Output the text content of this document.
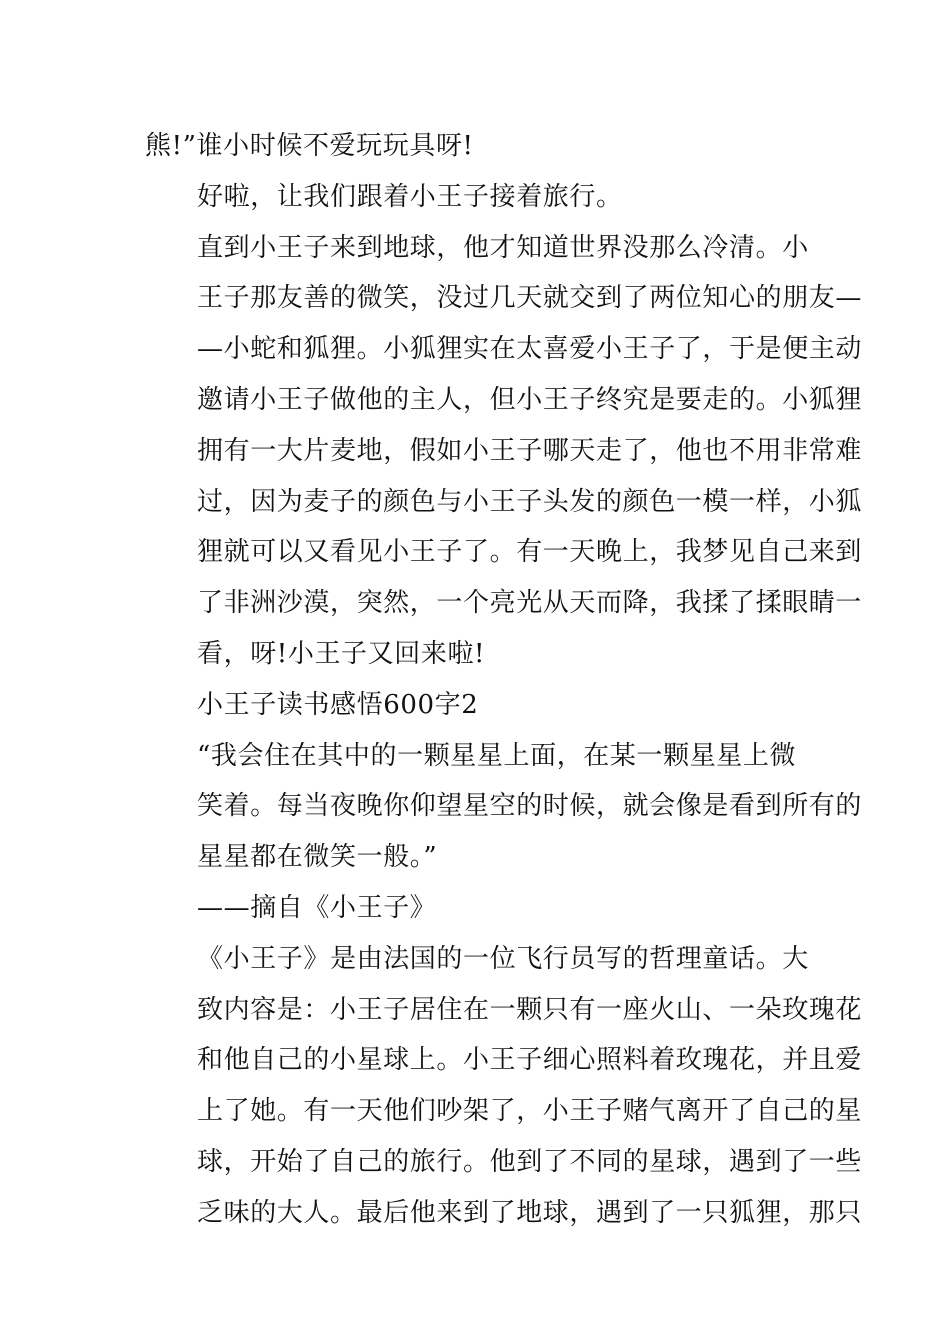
熊!”谁小时候不爱玩玩具呀!

好啦，让我们跟着小王子接着旅行。

直到小王子来到地球，他才知道世界没那么冷清。小
王子那友善的微笑，没过几天就交到了两位知心的朋友—
—小蛇和狐狸。小狐狸实在太喜爱小王子了，于是便主动
邀请小王子做他的主人，但小王子终究是要走的。小狐狸
拥有一大片麦地，假如小王子哪天走了，他也不用非常难
过，因为麦子的颜色与小王子头发的颜色一模一样，小狐
狸就可以又看见小王子了。有一天晚上，我梦见自己来到
了非洲沙漠，突然，一个亮光从天而降，我揉了揉眼睛一
看，呀!小王子又回来啦!

小王子读书感悟600字2

“我会住在其中的一颗星星上面，在某一颗星星上微
笑着。每当夜晚你仰望星空的时候，就会像是看到所有的
星星都在微笑一般。”

——摘自《小王子》

《小王子》是由法国的一位飞行员写的哲理童话。大
致内容是：小王子居住在一颗只有一座火山、一朵玫瑰花
和他自己的小星球上。小王子细心照料着玫瑰花，并且爱
上了她。有一天他们吵架了，小王子赌气离开了自己的星
球，开始了自己的旅行。他到了不同的星球，遇到了一些
乏味的大人。最后他来到了地球，遇到了一只狐狸，那只
